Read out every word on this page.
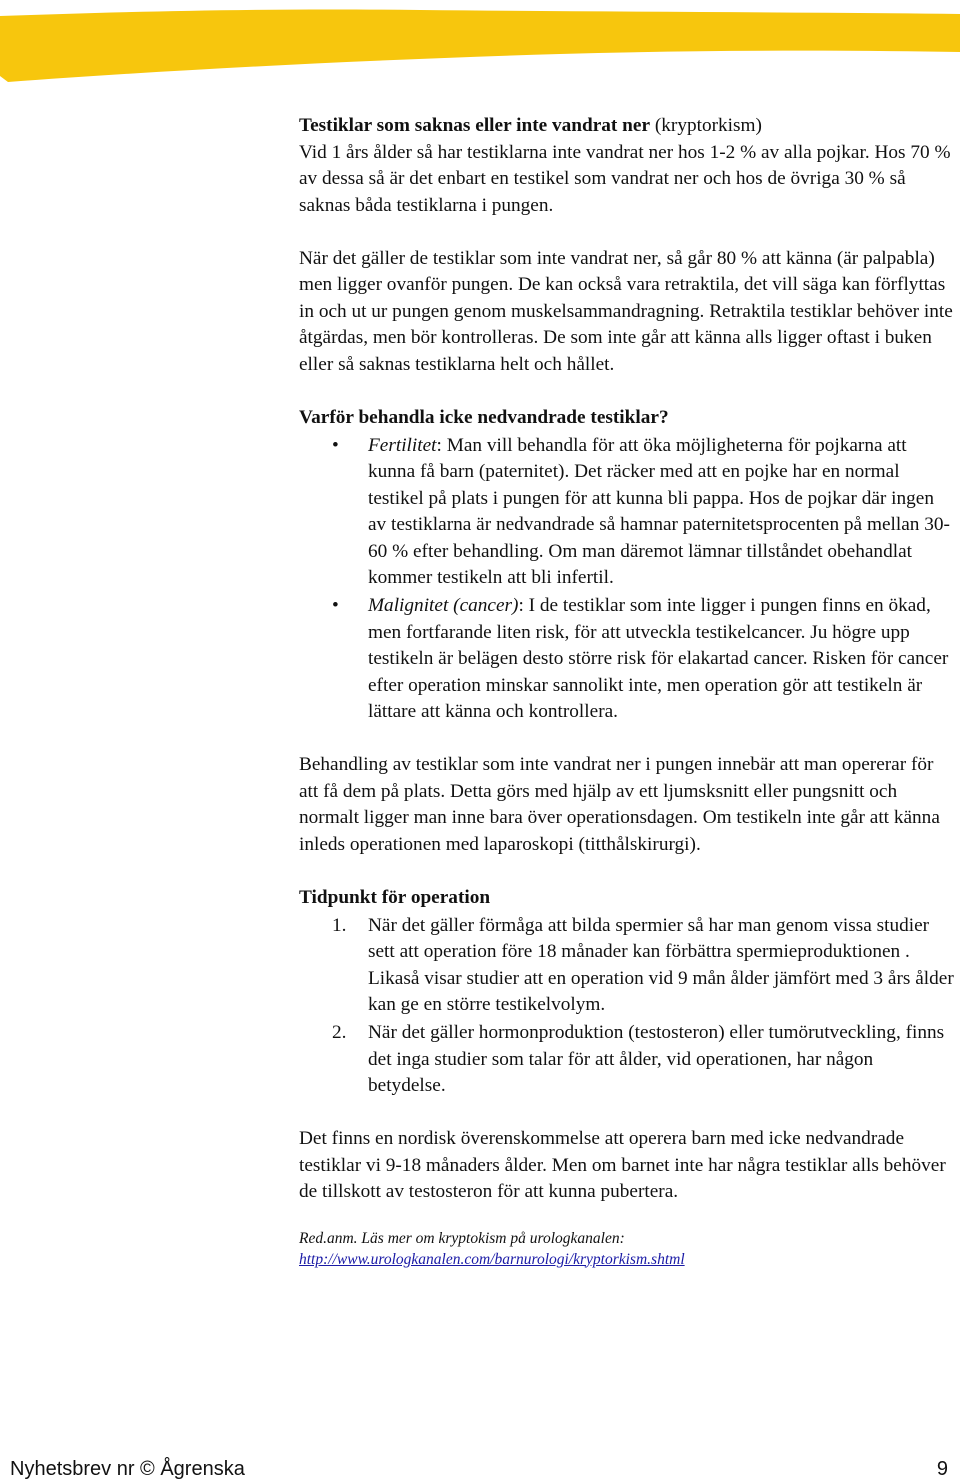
Testiklar som saknas eller inte vandrat ner (kryptorkism)
Vid 1 års ålder så har testiklarna inte vandrat ner hos 1-2 % av alla pojkar. Hos 70 % av dessa så är det enbart en testikel som vandrat ner och hos de övriga 30 % så saknas båda testiklarna i pungen.

När det gäller de testiklar som inte vandrat ner, så går 80 % att känna (är palpabla) men ligger ovanför pungen. De kan också vara retraktila, det vill säga kan förflyttas in och ut ur pungen genom muskelsammandragning. Retraktila testiklar behöver inte åtgärdas, men bör kontrolleras. De som inte går att känna alls ligger oftast i buken eller så saknas testiklarna helt och hållet.

Varför behandla icke nedvandrade testiklar?

• Fertilitet: Man vill behandla för att öka möjligheterna för pojkarna att kunna få barn (paternitet). Det räcker med att en pojke har en normal testikel på plats i pungen för att kunna bli pappa. Hos de pojkar där ingen av testiklarna är nedvandrade så hamnar paternitetsprocenten på mellan 30-60 % efter behandling. Om man däremot lämnar tillståndet obehandlat kommer testikeln att bli infertil.
• Malignitet (cancer): I de testiklar som inte ligger i pungen finns en ökad, men fortfarande liten risk, för att utveckla testikelcancer. Ju högre upp testikeln är belägen desto större risk för elakartad cancer. Risken för cancer efter operation minskar sannolikt inte, men operation gör att testikeln är lättare att känna och kontrollera.

Behandling av testiklar som inte vandrat ner i pungen innebär att man opererar för att få dem på plats. Detta görs med hjälp av ett ljumsksnitt eller pungsnitt och normalt ligger man inne bara över operationsdagen. Om testikeln inte går att känna inleds operationen med laparoskopi (titthålskirurgi).

Tidpunkt för operation

1. När det gäller förmåga att bilda spermier så har man genom vissa studier sett att operation före 18 månader kan förbättra spermieproduktionen . Likaså visar studier att en operation vid 9 mån ålder jämfört med 3 års ålder kan ge en större testikelvolym.
2. När det gäller hormonproduktion (testosteron) eller tumörutveckling, finns det inga studier som talar för att ålder, vid operationen, har någon betydelse.

Det finns en nordisk överenskommelse att operera barn med icke nedvandrade testiklar vi 9-18 månaders ålder. Men om barnet inte har några testiklar alls behöver de tillskott av testosteron för att kunna pubertera.

Red.anm. Läs mer om kryptokism på urologkanalen:
http://www.urologkanalen.com/barnurologi/kryptorkism.shtml

Nyhetsbrev nr © Ågrenska	9
